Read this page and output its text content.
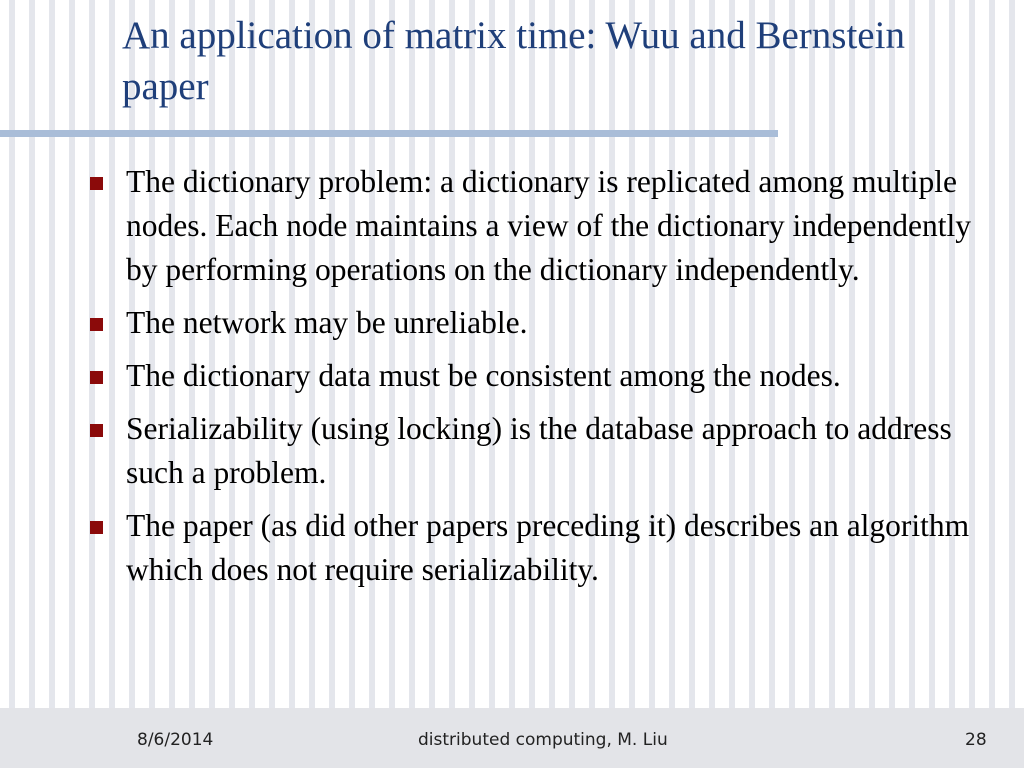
An application of matrix time: Wuu and Bernstein paper
The dictionary problem: a dictionary is replicated among multiple nodes. Each node maintains a view of the dictionary independently by performing operations on the dictionary independently.
The network may be unreliable.
The dictionary data must be consistent among the nodes.
Serializability (using locking) is the database approach to address such a problem.
The paper (as did other papers preceding it) describes an algorithm which does not require serializability.
8/6/2014	distributed computing, M. Liu	28
